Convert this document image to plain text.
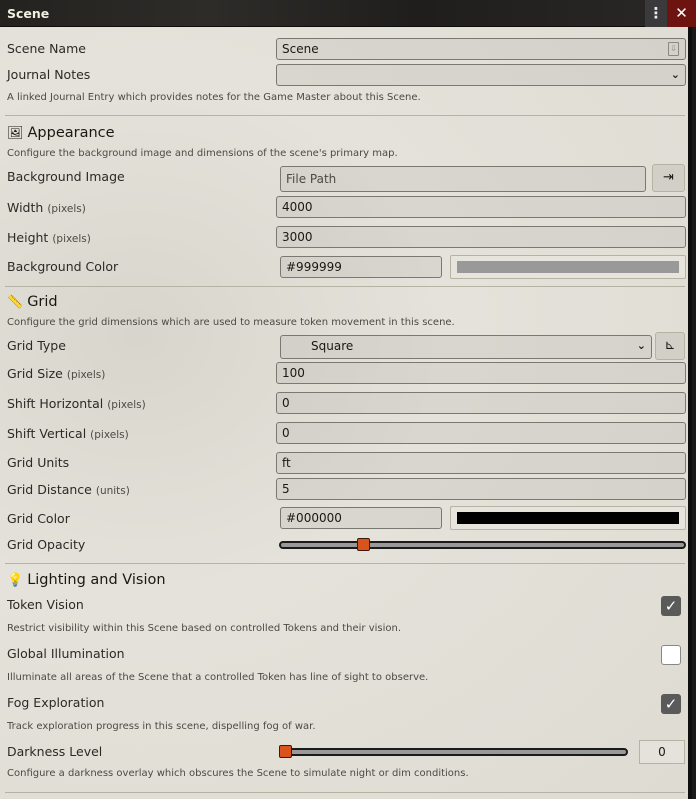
Scene	⋮ ✕
Scene Name	Scene	⇩
Journal Notes	⌄
A linked Journal Entry which provides notes for the Game Master about this Scene.
🖼 Appearance
Configure the background image and dimensions of the scene's primary map.
Background Image	File Path	⇥
Width (pixels)	4000
Height (pixels)	3000
Background Color	#999999
📏 Grid
Configure the grid dimensions which are used to measure token movement in this scene.
Grid Type	Square	⌄	⊾
Grid Size (pixels)	100
Shift Horizontal (pixels)	0
Shift Vertical (pixels)	0
Grid Units	ft
Grid Distance (units)	5
Grid Color	#000000
Grid Opacity
💡 Lighting and Vision
Token Vision	✓
Restrict visibility within this Scene based on controlled Tokens and their vision.
Global Illumination
Illuminate all areas of the Scene that a controlled Token has line of sight to observe.
Fog Exploration	✓
Track exploration progress in this scene, dispelling fog of war.
Darkness Level	0
Configure a darkness overlay which obscures the Scene to simulate night or dim conditions.
